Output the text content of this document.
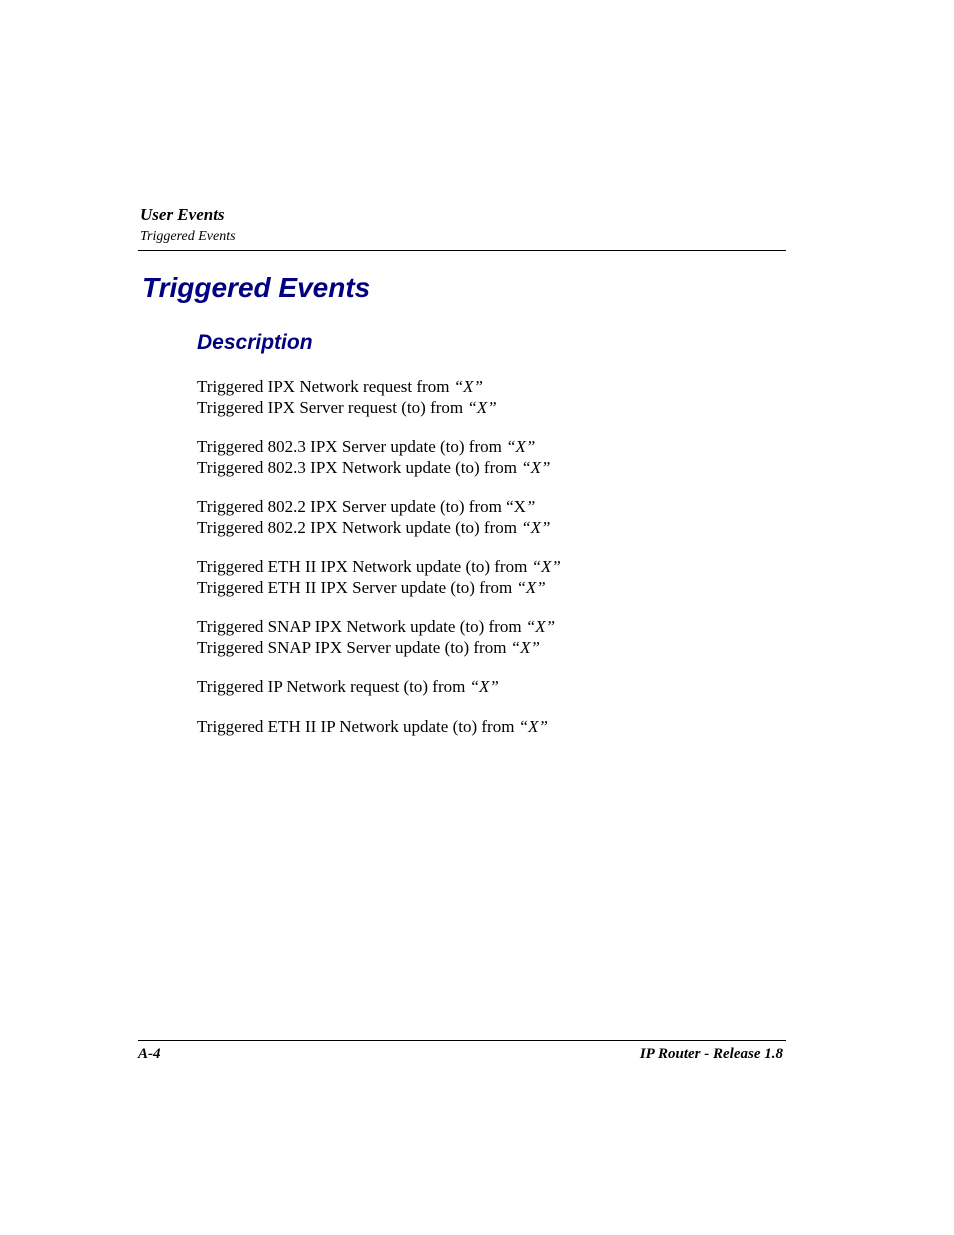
User Events
Triggered Events
Triggered Events
Description
Triggered IPX Network request from “X”
Triggered IPX Server request (to) from “X”
Triggered 802.3 IPX Server update (to) from “X”
Triggered 802.3 IPX Network update (to) from “X”
Triggered 802.2 IPX Server update (to) from “X”
Triggered 802.2 IPX Network update (to) from “X”
Triggered ETH II IPX Network update (to) from “X”
Triggered ETH II IPX Server update (to) from “X”
Triggered SNAP IPX Network update (to) from “X”
Triggered SNAP IPX Server update (to) from “X”
Triggered IP Network request (to) from “X”
Triggered ETH II IP Network update (to) from “X”
A-4	IP Router - Release 1.8
